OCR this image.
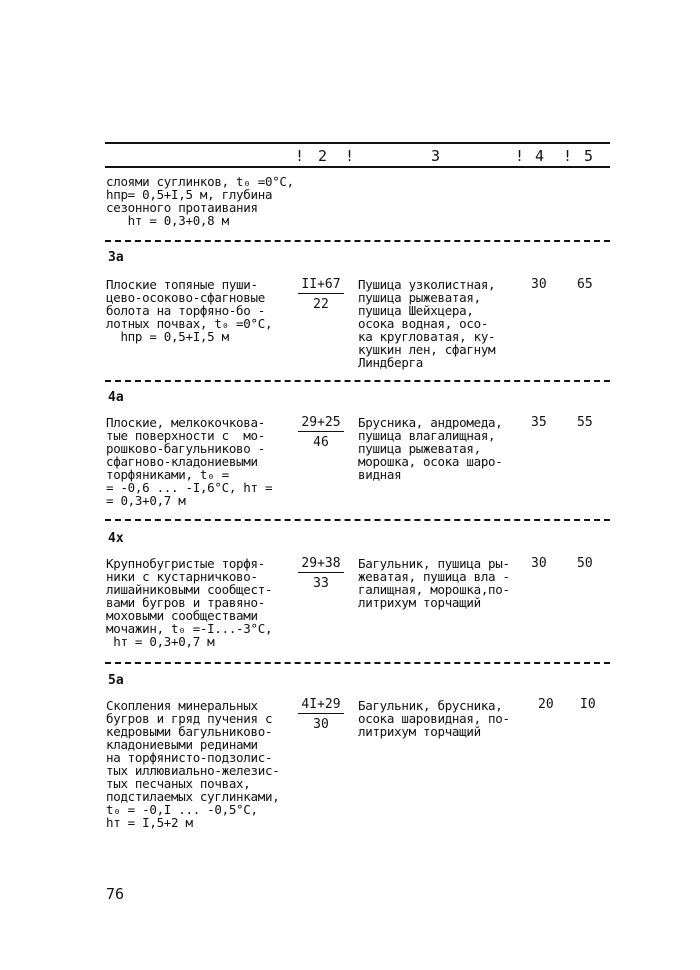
! 2 !	3	! 4 ! 5
слоями суглинков, t₀ =0°C,
hпр= 0,5+I,5 м, глубина
сезонного протаивания
hт = 0,3+0,8 м
3а
Плоские топяные пуши-
цево-осоково-сфагновые
болота на торфяно-бо -
лотных почвах, t₀ =0°C,
hпр = 0,5+I,5 м
$\frac{II+67}{22}$ Пушица узколистная,
пушица рыжеватая,
пушица Шейхцера,
осока водная, осо-
ка кругловатая, ку-
кушкин лен, сфагнум
Линдберга
30 65
4а
Плоские, мелкокочкова-
тые поверхности с  мо-
рошково-багульниково -
сфагново-кладониевыми
торфяниками, t₀ =
= -0,6 ... -I,6°C, hт =
= 0,3+0,7 м
$\frac{29+25}{46}$ Брусника, андромеда,
пушица влагалищная,
пушица рыжеватая,
морошка, осока шаро-
видная
35 55
4х
Крупнобугристые торфя-
ники с кустарничково-
лишайниковыми сообщест-
вами бугров и травяно-
моховыми сообществами
мочажин, t₀ =-I...-3°C,
hт = 0,3+0,7 м
$\frac{29+38}{33}$ Багульник, пушица ры-
жеватая, пушица вла -
галищная, морошка,по-
литрихум торчащий
30 50
5а
Скопления минеральных
бугров и гряд пучения с
кедровыми багульниково-
кладониевыми рединами
на торфянисто-подзолис-
тых иллювиально-железис-
тых песчаных почвах,
подстилаемых суглинками,
t₀ = -0,I ... -0,5°C,
hт = I,5+2 м
$\frac{4I+29}{30}$ Багульник, брусника,
осока шаровидная, по-
литрихум торчащий
20 I0
76
